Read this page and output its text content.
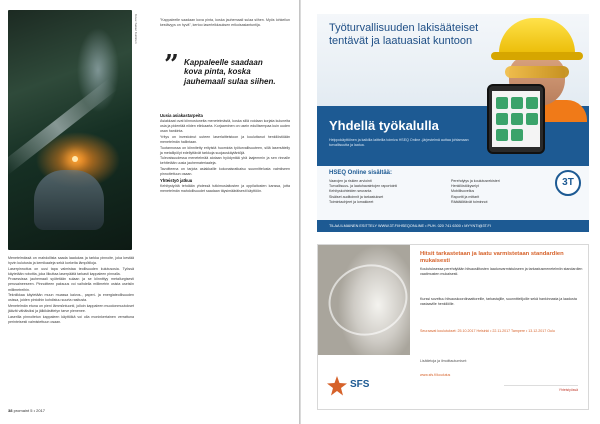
Kuva: Sakari Kuittinen	"Kappaleelle saadaan kova pinta, koska jauhemaali sulaa siihen. Myös lohkeilun kestävyys on hyvä", kertoo laserleikkauksen erikoisasiantuntija.
” Kappaleelle saadaan kova pinta, koska jauhemaali sulaa siihen.

Menetelmässä on mahdollista saada laadukas ja tarkka pinnoite, joka kestää hyvin kulutusta ja kemikaaleja sekä korkeita lämpötiloja.

Laserpinnoitus on uusi tapa valmistaa teollisuuden kulutusosia. Työssä käytetään robottia, joka liikuttaa laserpäätä tarkasti kappaleen pinnalla.

Prosessissa jauhemaali syötetään sulaan ja se kiinnittyy metallurgisesti perusaineeseen. Pinnoitteen paksuus voi vaihdella millimetrin osista useisiin millimetreihin.

Tekniikkaa käytetään muun muassa kaivos-, paperi- ja energiateollisuuden osissa, joiden pintoihin kohdistuu suurta rasitusta.

Menetelmän etuna on pieni lämmöntuonti, jolloin kappaleen muodonmuutokset jäävät vähäisiksi ja jälkikäsittelyn tarve pienenee.

Laserilla pinnoitetun kappaleen käyttöikä voi olla moninkertainen verrattuna perinteisesti valmistettuun osaan.

Uusia asiakastarpeita

Asiakkaat ovat kiinnostuneita menetelmästä, koska sillä voidaan korjata kuluneita osia ja pidentää niiden elinkaarta. Korjaaminen on usein edullisempaa kuin uuden osan hankinta.

Yritys on investoinut uuteen laserlaitteistoon ja kouluttanut henkilöstöään menetelmän hallintaan.

Tuotannossa on kiinnitetty erityistä huomiota työturvallisuuteen, sillä lasersäteily ja metallipölyt edellyttävät tarkkoja suojauskäytäntöjä.

Tulevaisuudessa menetelmää aiotaan hyödyntää yhä laajemmin ja sen rinnalle kehitetään uusia jauhemateriaaleja.

Tavoitteena on tarjota asiakkaille kokonaisratkaisu suunnittelusta valmiiseen pinnoitettuun osaan.

Yhteistyö jatkuu

Kehitystyötä tehdään yhdessä tutkimuslaitosten ja oppilaitosten kanssa, jotta menetelmän mahdollisuudet saadaan täysimääräisesti käyttöön.

38 promaint 5 • 2017
Työturvallisuuden lakisääteiset tentävät ja laatuasiat kuntoon
Yhdellä työkalulla
Helppokäyttöinen ja kaikilla laitteilla toimiva HSEQ Online -järjestelmä auttaa johtamaan turvallisuutta ja laatua.
HSEQ Online sisältää:
Vaarojen ja riskien arviointi
Turvallisuus- ja laatuhavaintojen raportointi
Kehityskohteiden seuranta
Sisäiset auditoinnit ja tarkastukset
Toimintaohjeet ja lomakkeet
Perehdytys ja koulutusrekisteri
Henkilöstökyselyt
Mobiilisovellus
Raportit ja mittarit
Räätälöitävät toiminnot
3T
TILAA ILMAINEN ESITTELY WWW.3T.FI/HSEQONLINE • PUH. 020 741 6300 • MYYNTI@3T.FI
Hitsit tarkastetaan ja laatu varmistetaan standardien mukaisesti
Koulutuksessa perehdytään hitsausliitosten laadunvarmistukseen ja tarkastusmenetelmiin standardien vaatimusten mukaisesti.
Kurssi soveltuu hitsauskoordinaattoreille, tarkastajille, suunnittelijoille sekä hankinnasta ja laadusta vastaaville henkilöille.
Seuraavat koulutukset: 25.10.2017 Helsinki • 22.11.2017 Tampere • 13.12.2017 Oulu
Lisätietoja ja ilmoittautumiset:
www.sfs.fi/koulutus
SFS	Yhteistyössä
